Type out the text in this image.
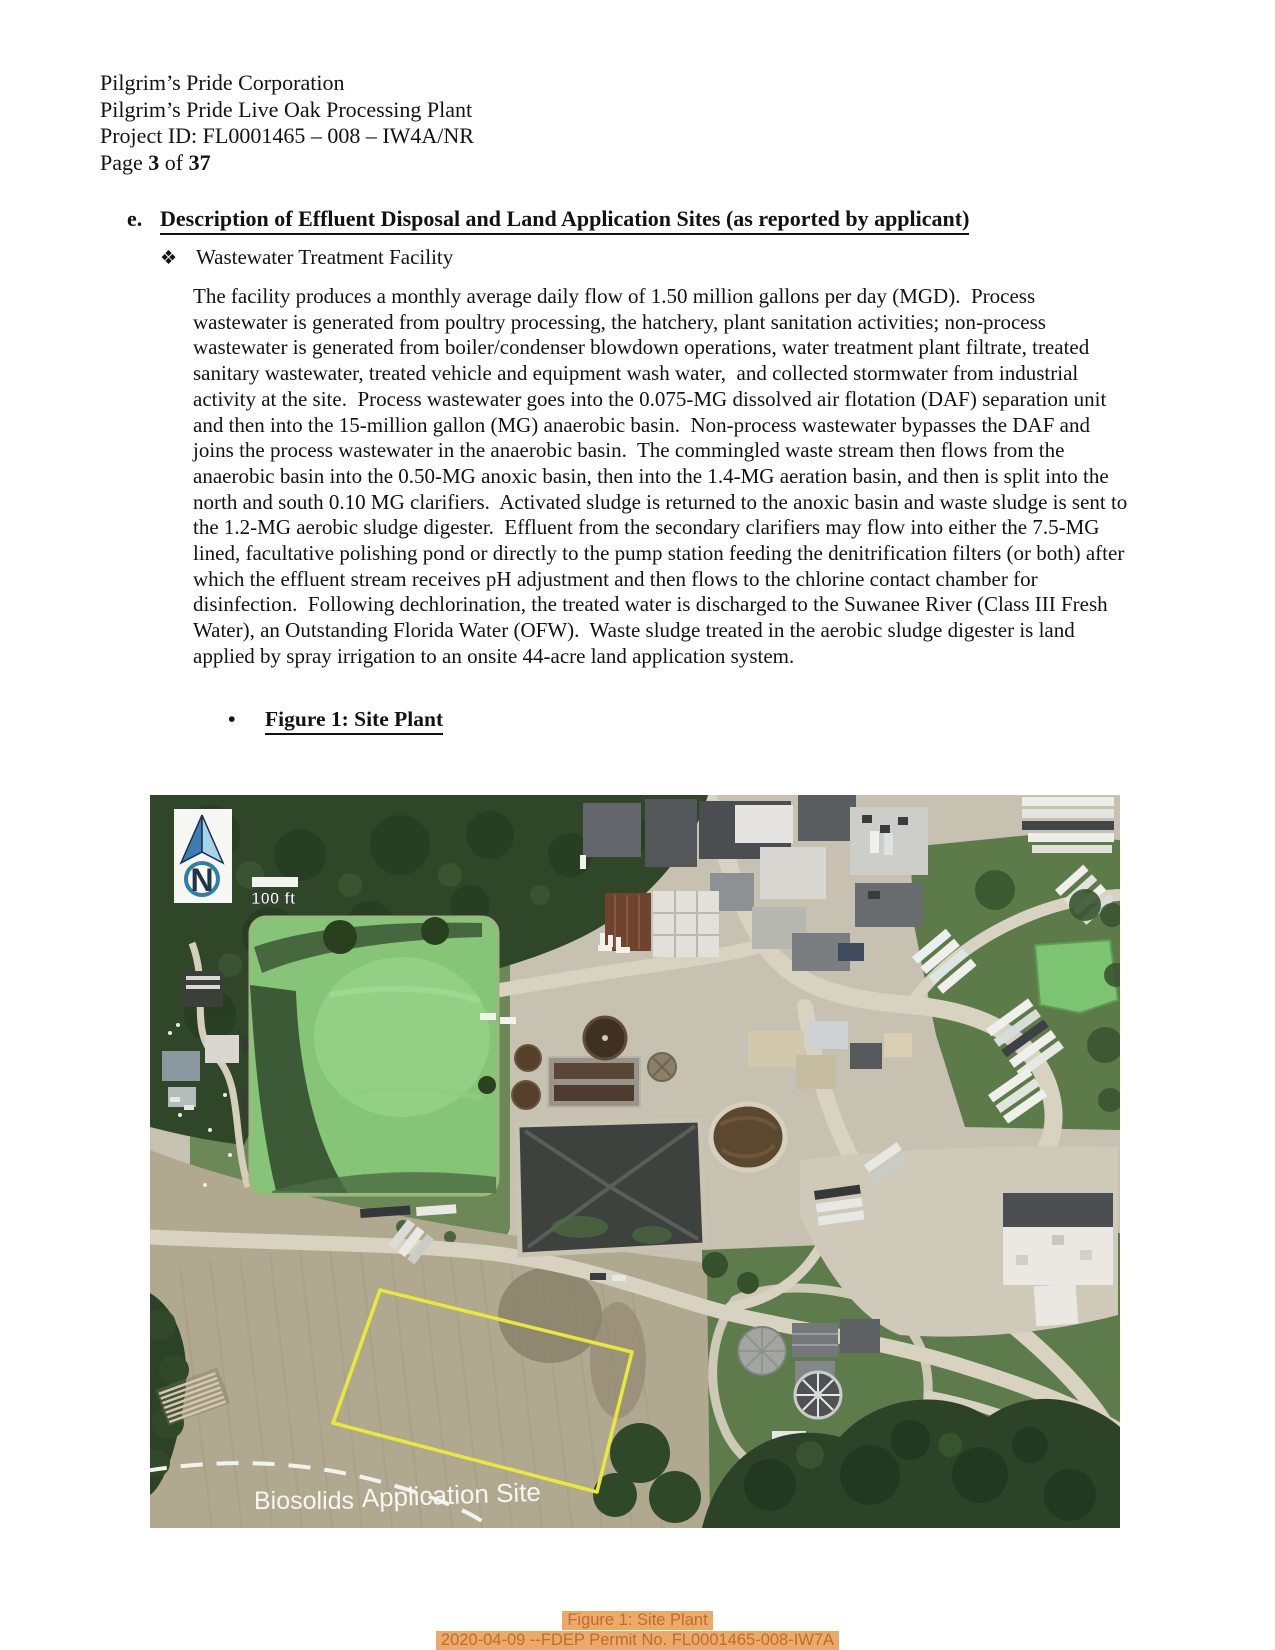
Pilgrim’s Pride Corporation
Pilgrim’s Pride Live Oak Processing Plant
Project ID: FL0001465 – 008 – IW4A/NR
Page 3 of 37
e. Description of Effluent Disposal and Land Application Sites (as reported by applicant)
❖ Wastewater Treatment Facility
The facility produces a monthly average daily flow of 1.50 million gallons per day (MGD).  Process wastewater is generated from poultry processing, the hatchery, plant sanitation activities; non-process wastewater is generated from boiler/condenser blowdown operations, water treatment plant filtrate, treated sanitary wastewater, treated vehicle and equipment wash water,  and collected stormwater from industrial activity at the site.  Process wastewater goes into the 0.075-MG dissolved air flotation (DAF) separation unit and then into the 15-million gallon (MG) anaerobic basin.  Non-process wastewater bypasses the DAF and joins the process wastewater in the anaerobic basin.  The commingled waste stream then flows from the anaerobic basin into the 0.50-MG anoxic basin, then into the 1.4-MG aeration basin, and then is split into the north and south 0.10 MG clarifiers.  Activated sludge is returned to the anoxic basin and waste sludge is sent to the 1.2-MG aerobic sludge digester.  Effluent from the secondary clarifiers may flow into either the 7.5-MG lined, facultative polishing pond or directly to the pump station feeding the denitrification filters (or both) after which the effluent stream receives pH adjustment and then flows to the chlorine contact chamber for disinfection.  Following dechlorination, the treated water is discharged to the Suwanee River (Class III Fresh Water), an Outstanding Florida Water (OFW).  Waste sludge treated in the aerobic sludge digester is land applied by spray irrigation to an onsite 44-acre land application system.
•	Figure 1: Site Plant
Biosolids Application Site
N
100 ft
Figure 1: Site Plant
2020-04-09 --FDEP Permit No. FL0001465-008-IW7A
